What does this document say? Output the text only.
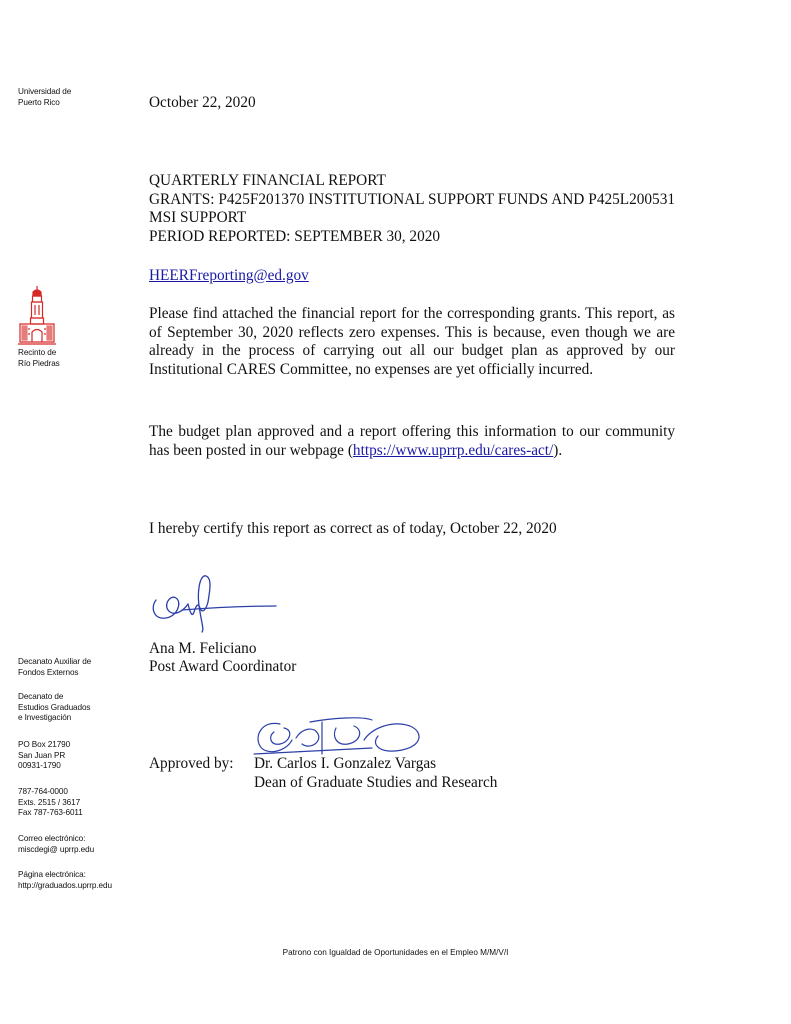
Universidad de
Puerto Rico
Recinto de
Río Piedras
Decanato Auxiliar de
Fondos Externos
Decanato de
Estudios Graduados
e Investigación
PO Box 21790
San Juan PR
00931-1790
787-764-0000
Exts. 2515 / 3617
Fax 787-763-6011
Correo electrónico:
miscdegi@ uprrp.edu
Página electrónica:
http://graduados.uprrp.edu
October 22, 2020
QUARTERLY FINANCIAL REPORT
GRANTS: P425F201370 INSTITUTIONAL SUPPORT FUNDS AND P425L200531 MSI SUPPORT
PERIOD REPORTED: SEPTEMBER 30, 2020
HEERFreporting@ed.gov

Please find attached the financial report for the corresponding grants. This report, as of September 30, 2020 reflects zero expenses. This is because, even though we are already in the process of carrying out all our budget plan as approved by our Institutional CARES Committee, no expenses are yet officially incurred.

The budget plan approved and a report offering this information to our community has been posted in our webpage (https://www.uprrp.edu/cares-act/).

I hereby certify this report as correct as of today, October 22, 2020
Ana M. Feliciano
Post Award Coordinator
Approved by: Dr. Carlos I. Gonzalez Vargas
Dean of Graduate Studies and Research
Patrono con Igualdad de Oportunidades en el Empleo M/M/V/I
